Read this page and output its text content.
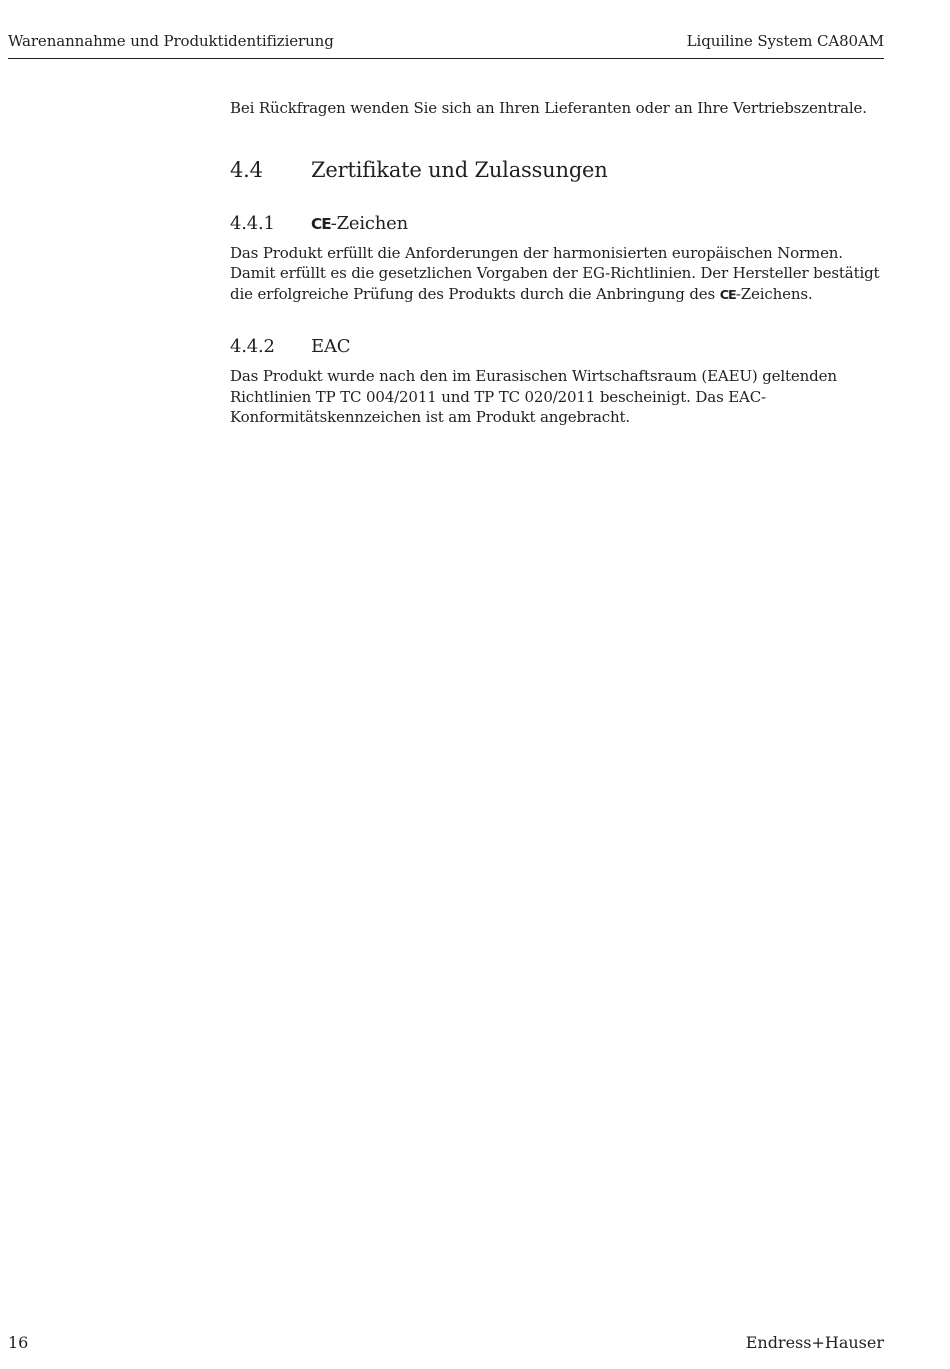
Warenannahme und Produktidentifizierung	Liquiline System CA80AM

Bei Rückfragen wenden Sie sich an Ihren Lieferanten oder an Ihre Vertriebszentrale.

4.4	Zertifikate und Zulassungen
4.4.1	CE-Zeichen

Das Produkt erfüllt die Anforderungen der harmonisierten europäischen Normen. Damit erfüllt es die gesetzlichen Vorgaben der EG-Richtlinien. Der Hersteller bestätigt die erfolgreiche Prüfung des Produkts durch die Anbringung des CE-Zeichens.

4.4.2	EAC

Das Produkt wurde nach den im Eurasischen Wirtschaftsraum (EAEU) geltenden Richtlinien TP TC 004/2011 und TP TC 020/2011 bescheinigt. Das EAC-Konformitätskennzeichen ist am Produkt angebracht.

16	Endress+Hauser
